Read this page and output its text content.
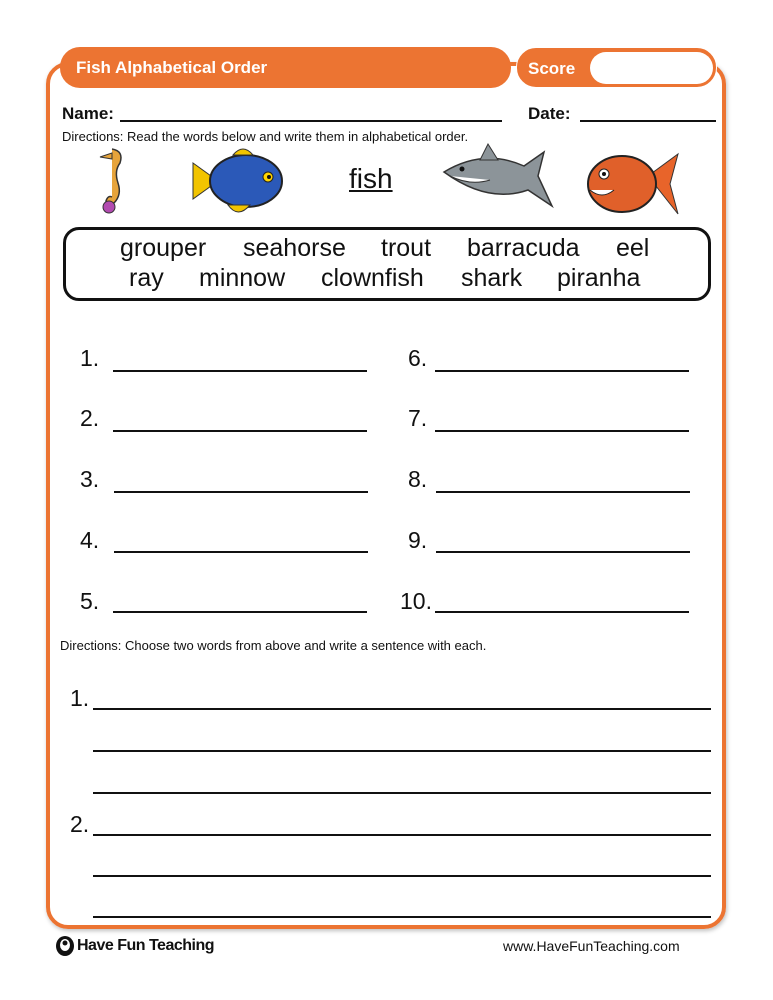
Fish Alphabetical Order	Score
Name:	Date:
Directions: Read the words below and write them in alphabetical order.
fish
grouper seahorse trout barracuda eel
ray minnow clownfish shark piranha
1.
2.
3.
4.
5.
6.
7.
8.
9.
10.
Directions: Choose two words from above and write a sentence with each.
1.
2.
Have Fun Teaching	www.HaveFunTeaching.com
